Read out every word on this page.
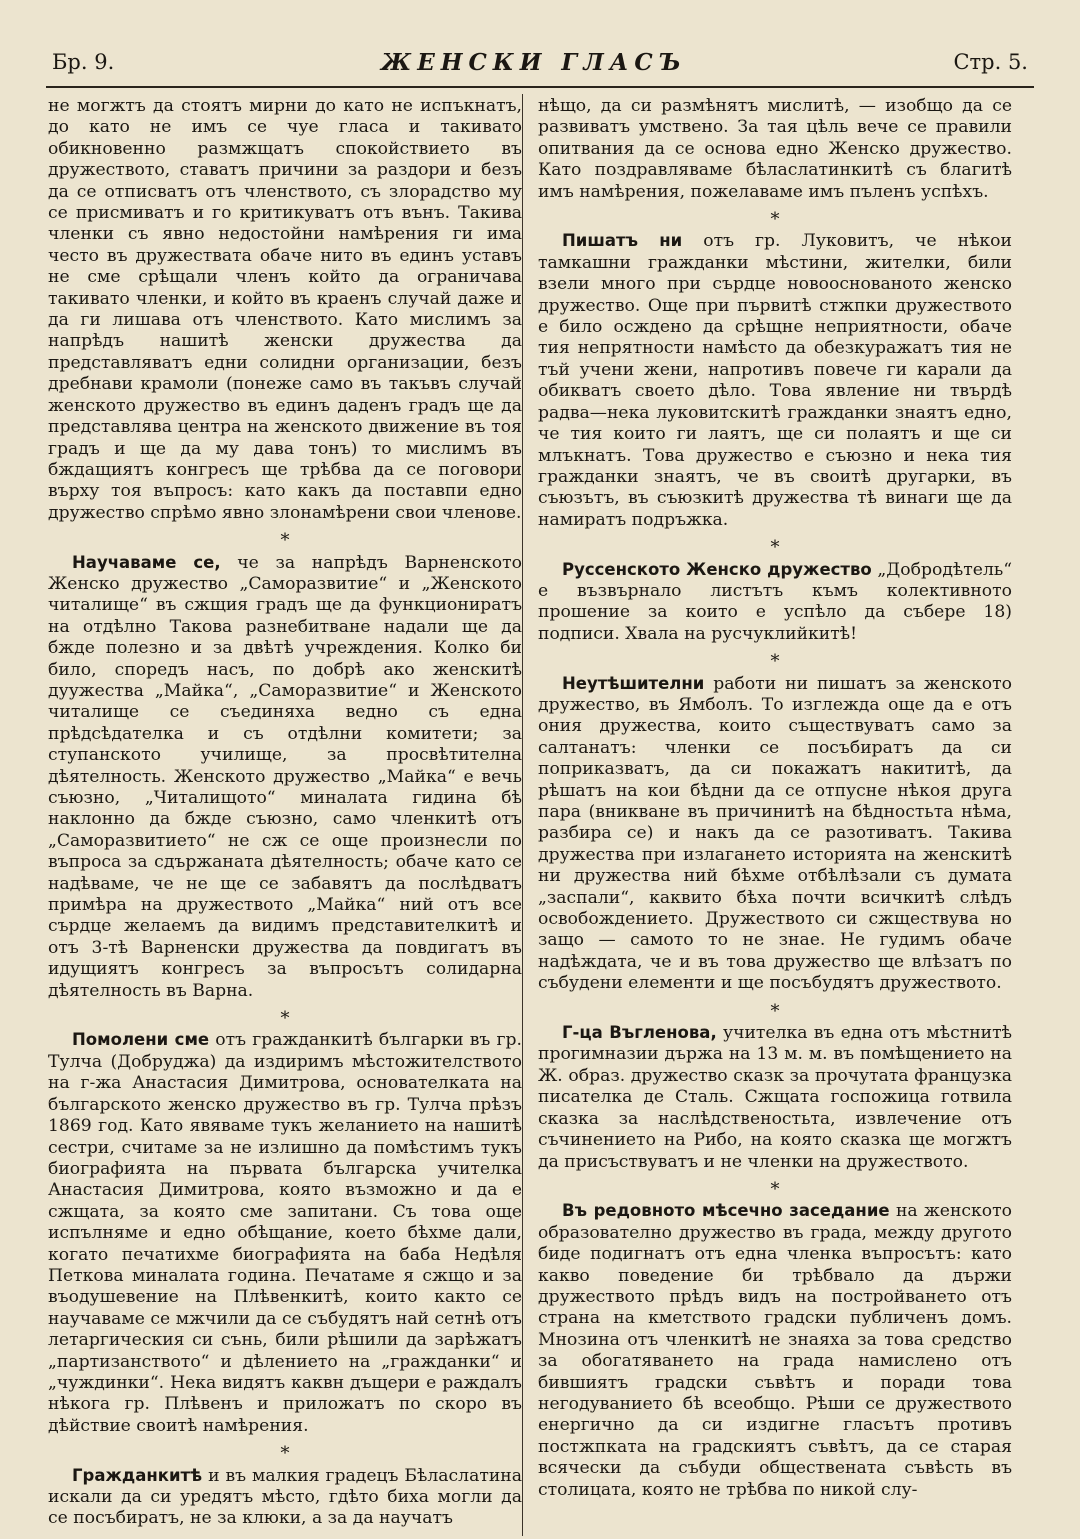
Бр. 9.	ЖЕНСКИ ГЛАСЪ	Стр. 5.

не могжтъ да стоятъ мирни до като не испъкнатъ, до като не имъ се чуе гласа и такивато обикновенно размжщатъ спокойствието въ дружеството, ставатъ причини за раздори и безъ да се отписватъ отъ членството, съ злорадство му се присмиватъ и го критикуватъ отъ вънъ. Такива членки съ явно недостойни намѣрения ги има често въ дружествата обаче нито въ единъ уставъ не сме срѣщали членъ който да ограничава такивато членки, и който въ краенъ случай даже и да ги лишава отъ членството. Като мислимъ за напрѣдъ нашитѣ женски дружества да представляватъ едни солидни организации, безъ дребнави крамоли (понеже само въ такъвъ случай женското дружество въ единъ даденъ градъ ще да представлява центра на женското движение въ тоя градъ и ще да му дава тонъ) то мислимъ въ бждащиятъ конгресъ ще трѣбва да се поговори върху тоя въпросъ: като какъ да поставпи едно дружество спрѣмо явно злонамѣрени свои членове.

*

Научаваме се, че за напрѣдъ Варненското Женско дружество „Саморазвитие“ и „Женското читалище“ въ сжщия градъ ще да функциониратъ на отдѣлно Такова разнебитване надали ще да бжде полезно и за двѣтѣ учреждения. Колко би било, споредъ насъ, по добрѣ ако женскитѣ дуужества „Майка“, „Саморазвитие“ и Женското читалище се съединяха ведно съ една прѣдсѣдателка и съ отдѣлни комитети; за ступанското училище, за просвѣтителна дѣятелность. Женското дружество „Майка“ е вечь съюзно, „Читалищото“ миналата гидина бѣ наклонно да бжде съюзно, само членкитѣ отъ „Саморазвитието“ не сж се още произнесли по въпроса за сдържаната дѣятелность; обаче като се надѣваме, че не ще се забавятъ да послѣдватъ примѣра на дружеството „Майка“ ний отъ все сърдце желаемъ да видимъ представителкитѣ и отъ 3-тѣ Варненски дружества да повдигатъ въ идущиятъ конгресъ за въпросътъ солидарна дѣятелность въ Варна.

*

Помолени сме отъ гражданкитѣ българки въ гр. Тулча (Добруджа) да издиримъ мѣстожителството на г-жа Анастасия Димитрова, основателката на българското женско дружество въ гр. Тулча прѣзъ 1869 год. Като явяваме тукъ желанието на нашитѣ сестри, считаме за не излишно да помѣстимъ тукъ биографията на първата българска учителка Анастасия Димитрова, която възможно и да е сжщата, за която сме запитани. Съ това още испълняме и едно обѣщание, което бѣхме дали, когато печатихме биографията на баба Недѣля Петкова миналата година. Печатаме я сжщо и за въодушевение на Плѣвенкитѣ, които както се научаваме се мжчили да се събудятъ най сетнѣ отъ летаргическия си сънь, били рѣшили да зарѣжатъ „партизанството“ и дѣлението на „гражданки“ и „чуждинки“. Нека видятъ каквн дъщери е раждалъ нѣкога гр. Плѣвенъ и приложатъ по скоро въ дѣйствие своитѣ намѣрения.

*

Гражданкитѣ и въ малкия градецъ Бѣласлатина искали да си уредятъ мѣсто, гдѣто биха могли да се посъбиратъ, не за клюки, а за да научатъ

нѣщо, да си размѣнятъ мислитѣ, — изобщо да се развиватъ умствено. За тая цѣль вече се правили опитвания да се основа едно Женско дружество. Като поздравляваме бѣласлатинкитѣ съ благитѣ имъ намѣрения, пожелаваме имъ пъленъ успѣхъ.

*

Пишатъ ни отъ гр. Луковитъ, че нѣкои тамкашни гражданки мѣстини, жителки, били взели много при сърдце новооснованото женско дружество. Още при първитѣ стжпки дружеството е било осждено да срѣщне неприятности, обаче тия непрятности намѣсто да обезкуражатъ тия не тъй учени жени, напротивъ повече ги карали да обикватъ своето дѣло. Това явление ни твърдѣ радва—нека луковитскитѣ гражданки знаятъ едно, че тия които ги лаятъ, ще си полаятъ и ще си млъкнатъ. Това дружество е съюзно и нека тия гражданки знаятъ, че въ своитѣ другарки, въ съюзътъ, въ съюзкитѣ дружества тѣ винаги ще да намиратъ подръжка.

*

Руссенското Женско дружество „Добродѣтель“ е възвърнало листътъ къмъ колективното прошение за които е успѣло да събере 18) подписи. Хвала на русчуклийкитѣ!

*

Неутѣшителни работи ни пишатъ за женското дружество, въ Ямболъ. То изглежда още да е отъ ония дружества, които съществуватъ само за салтанатъ: членки се посъбиратъ да си поприказватъ, да си покажатъ накититѣ, да рѣшатъ на кои бѣдни да се отпусне нѣкоя друга пара (вникване въ причинитѣ на бѣдностьта нѣма, разбира се) и накъ да се разотиватъ. Такива дружества при излагането историята на женскитѣ ни дружества ний бѣхме отбѣлѣзали съ думата „заспали“, каквито бѣха почти всичкитѣ слѣдъ освобождението. Дружеството си сжществува но защо — самото то не знае. Не гудимъ обаче надѣждата, че и въ това дружество ще влѣзатъ по събудени елементи и ще посъбудятъ дружеството.

*

Г-ца Въгленова, учителка въ една отъ мѣстнитѣ прогимназии държа на 13 м. м. въ помѣщението на Ж. образ. дружество сказк за прочутата французка писателка де Сталь. Сжщата госпожица готвила сказка за наслѣдственостьта, извлечение отъ съчинението на Рибо, на която сказка ще могжтъ да присъствуватъ и не членки на дружеството.

*

Въ редовното мѣсечно заседание на женското образователно дружество въ града, между другото биде подигнатъ отъ една членка въпросътъ: като какво поведение би трѣбвало да държи дружеството прѣдъ видъ на постройването отъ страна на кметството градски публиченъ домъ. Мнозина отъ членкитѣ не знаяха за това средство за обогатяването на града намислено отъ бившиятъ градски съвѣтъ и поради това негодуванието бѣ всеобщо. Рѣши се дружеството енергично да си издигне гласътъ противъ постжпката на градскиятъ съвѣтъ, да се старая всячески да събуди обществената съвѣсть въ столицата, която не трѣбва по никой слу-
